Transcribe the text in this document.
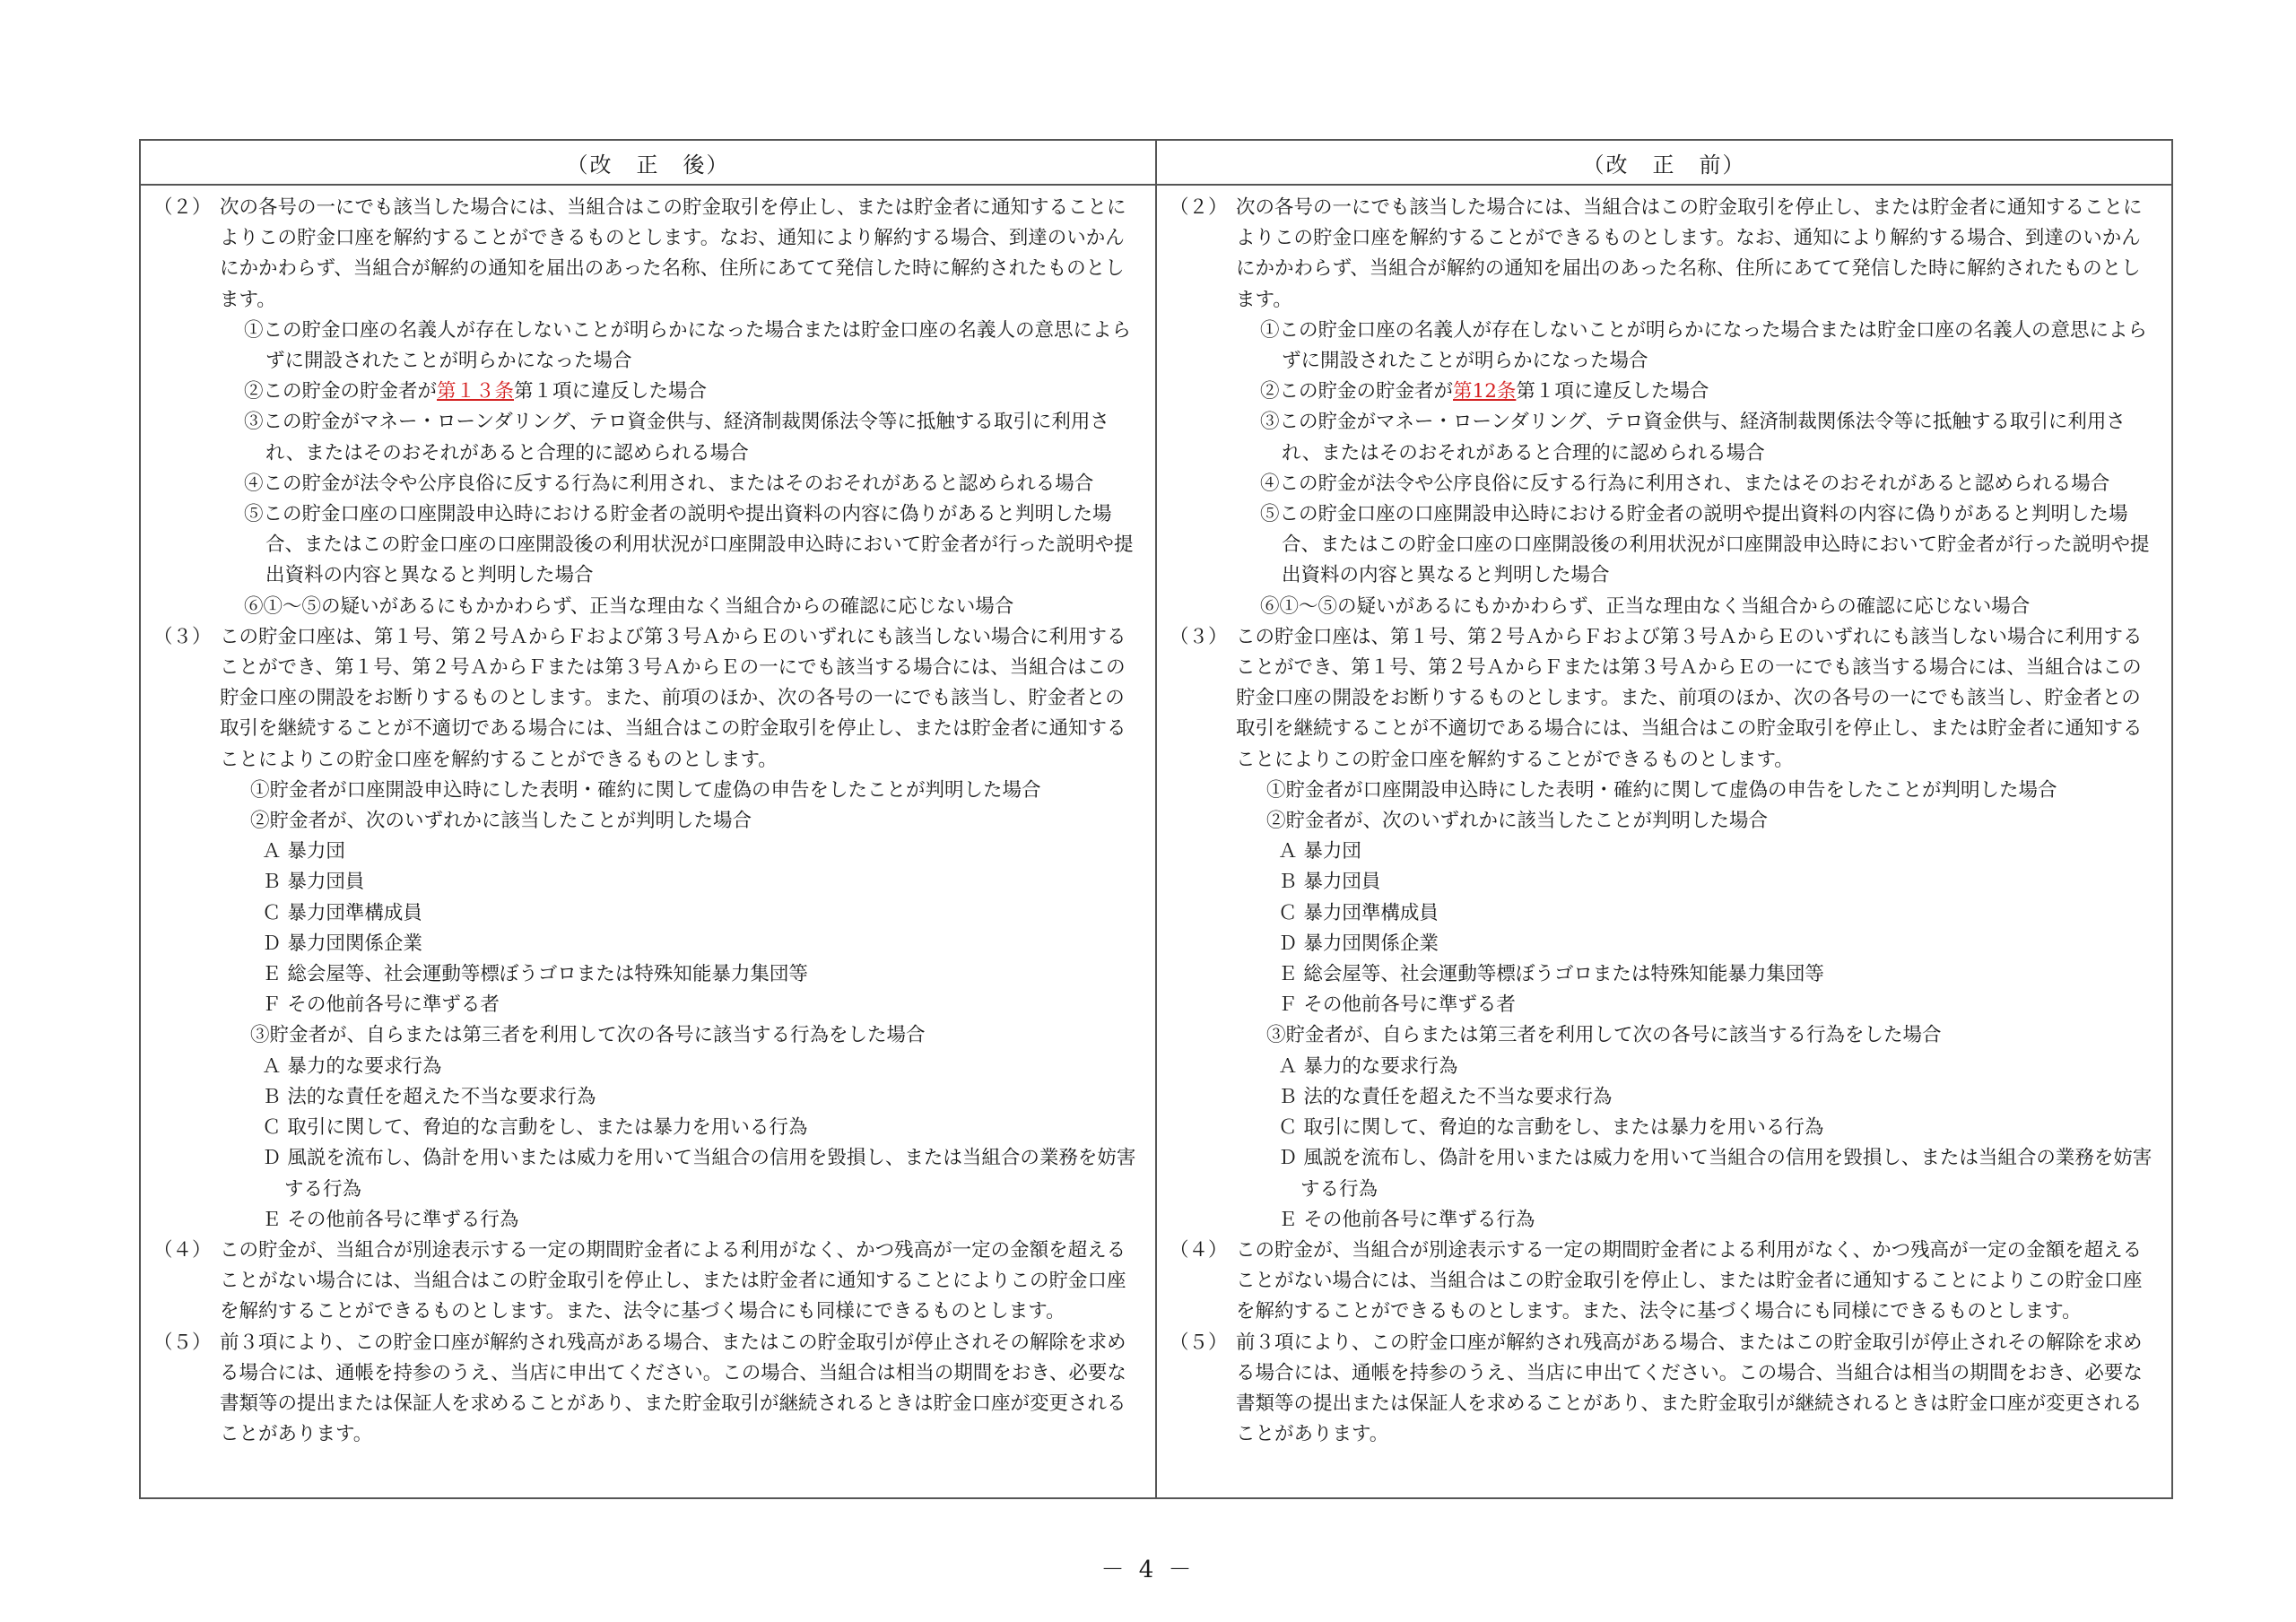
（改　正　後）	（改　正　前）
（２） 次の各号の一にでも該当した場合には、当組合はこの貯金取引を停止し、または貯金者に通知することによりこの貯金口座を解約することができるものとします。なお、通知により解約する場合、到達のいかんにかかわらず、当組合が解約の通知を届出のあった名称、住所にあてて発信した時に解約されたものとします。
①この貯金口座の名義人が存在しないことが明らかになった場合または貯金口座の名義人の意思によらずに開設されたことが明らかになった場合
②この貯金の貯金者が第１３条第１項に違反した場合
③この貯金がマネー・ローンダリング、テロ資金供与、経済制裁関係法令等に抵触する取引に利用され、またはそのおそれがあると合理的に認められる場合
④この貯金が法令や公序良俗に反する行為に利用され、またはそのおそれがあると認められる場合
⑤この貯金口座の口座開設申込時における貯金者の説明や提出資料の内容に偽りがあると判明した場合、またはこの貯金口座の口座開設後の利用状況が口座開設申込時において貯金者が行った説明や提出資料の内容と異なると判明した場合
⑥①～⑤の疑いがあるにもかかわらず、正当な理由なく当組合からの確認に応じない場合
（３） この貯金口座は、第１号、第２号ＡからＦおよび第３号ＡからＥのいずれにも該当しない場合に利用することができ、第１号、第２号ＡからＦまたは第３号ＡからＥの一にでも該当する場合には、当組合はこの貯金口座の開設をお断りするものとします。また、前項のほか、次の各号の一にでも該当し、貯金者との取引を継続することが不適切である場合には、当組合はこの貯金取引を停止し、または貯金者に通知することによりこの貯金口座を解約することができるものとします。
①貯金者が口座開設申込時にした表明・確約に関して虚偽の申告をしたことが判明した場合
②貯金者が、次のいずれかに該当したことが判明した場合
Ａ 暴力団
Ｂ 暴力団員
Ｃ 暴力団準構成員
Ｄ 暴力団関係企業
Ｅ 総会屋等、社会運動等標ぼうゴロまたは特殊知能暴力集団等
Ｆ その他前各号に準ずる者
③貯金者が、自らまたは第三者を利用して次の各号に該当する行為をした場合
Ａ 暴力的な要求行為
Ｂ 法的な責任を超えた不当な要求行為
Ｃ 取引に関して、脅迫的な言動をし、または暴力を用いる行為
Ｄ 風説を流布し、偽計を用いまたは威力を用いて当組合の信用を毀損し、または当組合の業務を妨害する行為
Ｅ その他前各号に準ずる行為
（４） この貯金が、当組合が別途表示する一定の期間貯金者による利用がなく、かつ残高が一定の金額を超えることがない場合には、当組合はこの貯金取引を停止し、または貯金者に通知することによりこの貯金口座を解約することができるものとします。また、法令に基づく場合にも同様にできるものとします。
（５） 前３項により、この貯金口座が解約され残高がある場合、またはこの貯金取引が停止されその解除を求める場合には、通帳を持参のうえ、当店に申出てください。この場合、当組合は相当の期間をおき、必要な書類等の提出または保証人を求めることがあり、また貯金取引が継続されるときは貯金口座が変更されることがあります。
（２） 次の各号の一にでも該当した場合には、当組合はこの貯金取引を停止し、または貯金者に通知することによりこの貯金口座を解約することができるものとします。なお、通知により解約する場合、到達のいかんにかかわらず、当組合が解約の通知を届出のあった名称、住所にあてて発信した時に解約されたものとします。
①この貯金口座の名義人が存在しないことが明らかになった場合または貯金口座の名義人の意思によらずに開設されたことが明らかになった場合
②この貯金の貯金者が第12条第１項に違反した場合
③この貯金がマネー・ローンダリング、テロ資金供与、経済制裁関係法令等に抵触する取引に利用され、またはそのおそれがあると合理的に認められる場合
④この貯金が法令や公序良俗に反する行為に利用され、またはそのおそれがあると認められる場合
⑤この貯金口座の口座開設申込時における貯金者の説明や提出資料の内容に偽りがあると判明した場合、またはこの貯金口座の口座開設後の利用状況が口座開設申込時において貯金者が行った説明や提出資料の内容と異なると判明した場合
⑥①～⑤の疑いがあるにもかかわらず、正当な理由なく当組合からの確認に応じない場合
（３） この貯金口座は、第１号、第２号ＡからＦおよび第３号ＡからＥのいずれにも該当しない場合に利用することができ、第１号、第２号ＡからＦまたは第３号ＡからＥの一にでも該当する場合には、当組合はこの貯金口座の開設をお断りするものとします。また、前項のほか、次の各号の一にでも該当し、貯金者との取引を継続することが不適切である場合には、当組合はこの貯金取引を停止し、または貯金者に通知することによりこの貯金口座を解約することができるものとします。
①貯金者が口座開設申込時にした表明・確約に関して虚偽の申告をしたことが判明した場合
②貯金者が、次のいずれかに該当したことが判明した場合
Ａ 暴力団
Ｂ 暴力団員
Ｃ 暴力団準構成員
Ｄ 暴力団関係企業
Ｅ 総会屋等、社会運動等標ぼうゴロまたは特殊知能暴力集団等
Ｆ その他前各号に準ずる者
③貯金者が、自らまたは第三者を利用して次の各号に該当する行為をした場合
Ａ 暴力的な要求行為
Ｂ 法的な責任を超えた不当な要求行為
Ｃ 取引に関して、脅迫的な言動をし、または暴力を用いる行為
Ｄ 風説を流布し、偽計を用いまたは威力を用いて当組合の信用を毀損し、または当組合の業務を妨害する行為
Ｅ その他前各号に準ずる行為
（４） この貯金が、当組合が別途表示する一定の期間貯金者による利用がなく、かつ残高が一定の金額を超えることがない場合には、当組合はこの貯金取引を停止し、または貯金者に通知することによりこの貯金口座を解約することができるものとします。また、法令に基づく場合にも同様にできるものとします。
（５） 前３項により、この貯金口座が解約され残高がある場合、またはこの貯金取引が停止されその解除を求める場合には、通帳を持参のうえ、当店に申出てください。この場合、当組合は相当の期間をおき、必要な書類等の提出または保証人を求めることがあり、また貯金取引が継続されるときは貯金口座が変更されることがあります。
－ 4 －
